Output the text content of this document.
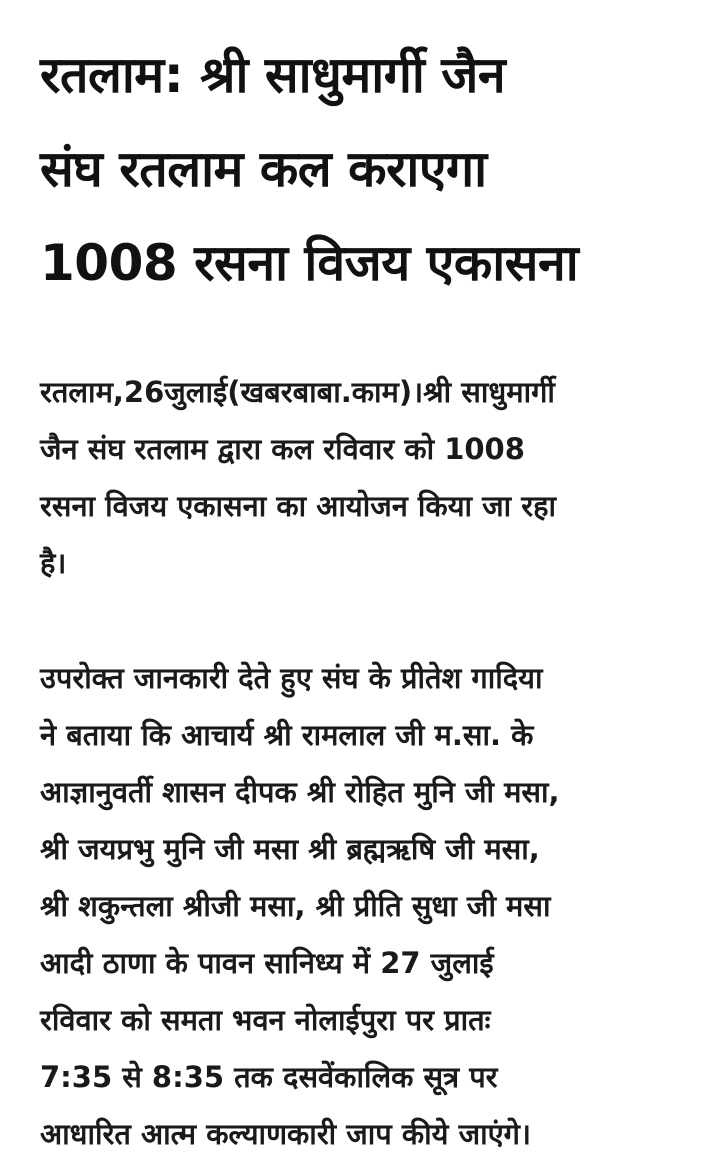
रतलाम: श्री साधुमार्गी जैन
संघ रतलाम कल कराएगा
1008 रसना विजय एकासना

रतलाम,26जुलाई(खबरबाबा.काम)।श्री साधुमार्गी
जैन संघ रतलाम द्वारा कल रविवार को 1008
रसना विजय एकासना का आयोजन किया जा रहा
है।

उपरोक्त जानकारी देते हुए संघ के प्रीतेश गादिया
ने बताया कि आचार्य श्री रामलाल जी म.सा. के
आज्ञानुवर्ती शासन दीपक श्री रोहित मुनि जी मसा,
श्री जयप्रभु मुनि जी मसा श्री ब्रह्मऋषि जी मसा,
श्री शकुन्तला श्रीजी मसा, श्री प्रीति सुधा जी मसा
आदी ठाणा के पावन सानिध्य में 27 जुलाई
रविवार को समता भवन नोलाईपुरा पर प्रातः
7:35 से 8:35 तक दसवेंकालिक सूत्र पर
आधारित आत्म कल्याणकारी जाप कीये जाएंगे।
